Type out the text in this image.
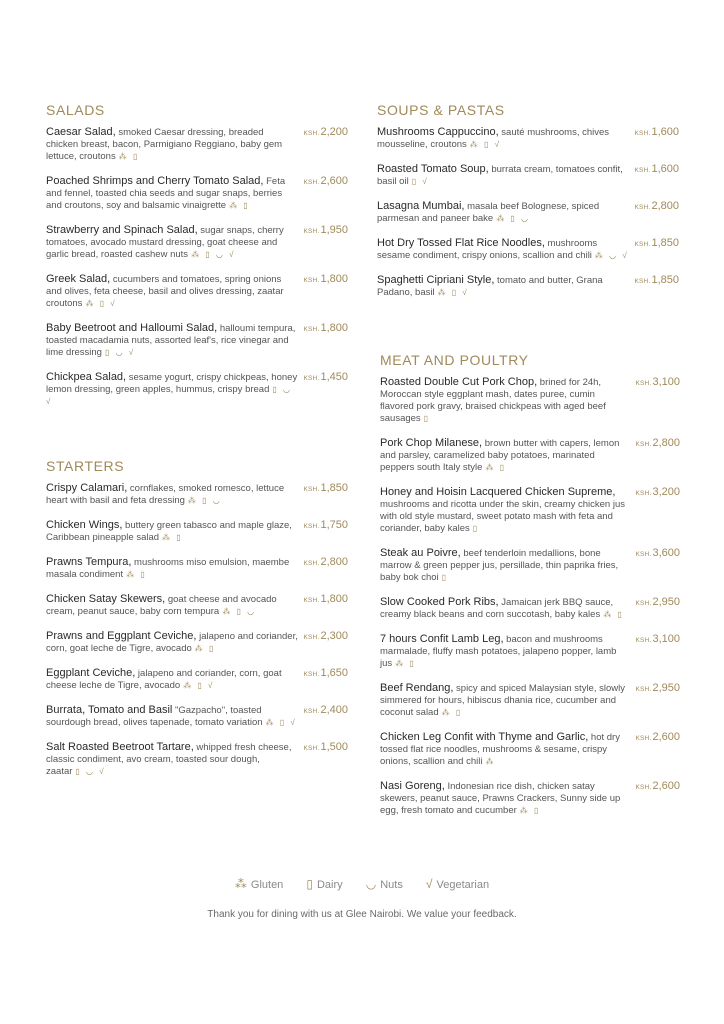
SALADS
Caesar Salad, smoked Caesar dressing, breaded chicken breast, bacon, Parmigiano Reggiano, baby gem lettuce, croutons ⁂ ▯
KSH.2,200
Poached Shrimps and Cherry Tomato Salad, Feta and fennel, toasted chia seeds and sugar snaps, berries and croutons, soy and balsamic vinaigrette ⁂ ▯
KSH.2,600
Strawberry and Spinach Salad, sugar snaps, cherry tomatoes, avocado mustard dressing, goat cheese and garlic bread, roasted cashew nuts ⁂ ▯ ◡ √
KSH.1,950
Greek Salad, cucumbers and tomatoes, spring onions and olives, feta cheese, basil and olives dressing, zaatar croutons ⁂ ▯ √
KSH.1,800
Baby Beetroot and Halloumi Salad, halloumi tempura, toasted macadamia nuts, assorted leaf's, rice vinegar and lime dressing ▯ ◡ √
KSH.1,800
Chickpea Salad, sesame yogurt, crispy chickpeas, honey lemon dressing, green apples, hummus, crispy bread ▯ ◡ √
KSH.1,450
STARTERS
Crispy Calamari, cornflakes, smoked romesco, lettuce heart with basil and feta dressing ⁂ ▯ ◡
KSH.1,850
Chicken Wings, buttery green tabasco and maple glaze, Caribbean pineapple salad ⁂ ▯
KSH.1,750
Prawns Tempura, mushrooms miso emulsion, maembe masala condiment ⁂ ▯
KSH.2,800
Chicken Satay Skewers, goat cheese and avocado cream, peanut sauce, baby corn tempura ⁂ ▯ ◡
KSH.1,800
Prawns and Eggplant Ceviche, jalapeno and coriander, corn, goat leche de Tigre, avocado ⁂ ▯
KSH.2,300
Eggplant Ceviche, jalapeno and coriander, corn, goat cheese leche de Tigre, avocado ⁂ ▯ √
KSH.1,650
Burrata, Tomato and Basil "Gazpacho", toasted sourdough bread, olives tapenade, tomato variation ⁂ ▯ √
KSH.2,400
Salt Roasted Beetroot Tartare, whipped fresh cheese, classic condiment, avo cream, toasted sour dough, zaatar ▯ ◡ √
KSH.1,500
SOUPS & PASTAS
Mushrooms Cappuccino, sauté mushrooms, chives mousseline, croutons ⁂ ▯ √
KSH.1,600
Roasted Tomato Soup, burrata cream, tomatoes confit, basil oil ▯ √
KSH.1,600
Lasagna Mumbai, masala beef Bolognese, spiced parmesan and paneer bake ⁂ ▯ ◡
KSH.2,800
Hot Dry Tossed Flat Rice Noodles, mushrooms sesame condiment, crispy onions, scallion and chili ⁂ ◡ √
KSH.1,850
Spaghetti Cipriani Style, tomato and butter, Grana Padano, basil ⁂ ▯ √
KSH.1,850
MEAT AND POULTRY
Roasted Double Cut Pork Chop, brined for 24h, Moroccan style eggplant mash, dates puree, cumin flavored pork gravy, braised chickpeas with aged beef sausages ▯
KSH.3,100
Pork Chop Milanese, brown butter with capers, lemon and parsley, caramelized baby potatoes, marinated peppers south Italy style ⁂ ▯
KSH.2,800
Honey and Hoisin Lacquered Chicken Supreme, mushrooms and ricotta under the skin, creamy chicken jus with old style mustard, sweet potato mash with feta and coriander, baby kales ▯
KSH.3,200
Steak au Poivre, beef tenderloin medallions, bone marrow & green pepper jus, persillade, thin paprika fries, baby bok choi ▯
KSH.3,600
Slow Cooked Pork Ribs, Jamaican jerk BBQ sauce, creamy black beans and corn succotash, baby kales ⁂ ▯
KSH.2,950
7 hours Confit Lamb Leg, bacon and mushrooms marmalade, fluffy mash potatoes, jalapeno popper, lamb jus ⁂ ▯
KSH.3,100
Beef Rendang, spicy and spiced Malaysian style, slowly simmered for hours, hibiscus dhania rice, cucumber and coconut salad ⁂ ▯
KSH.2,950
Chicken Leg Confit with Thyme and Garlic, hot dry tossed flat rice noodles, mushrooms & sesame, crispy onions, scallion and chili ⁂
KSH.2,600
Nasi Goreng, Indonesian rice dish, chicken satay skewers, peanut sauce, Prawns Crackers, Sunny side up egg, fresh tomato and cucumber ⁂ ▯
KSH.2,600
⁂ Gluten ▯ Dairy ◡ Nuts √ Vegetarian
Thank you for dining with us at Glee Nairobi. We value your feedback.
